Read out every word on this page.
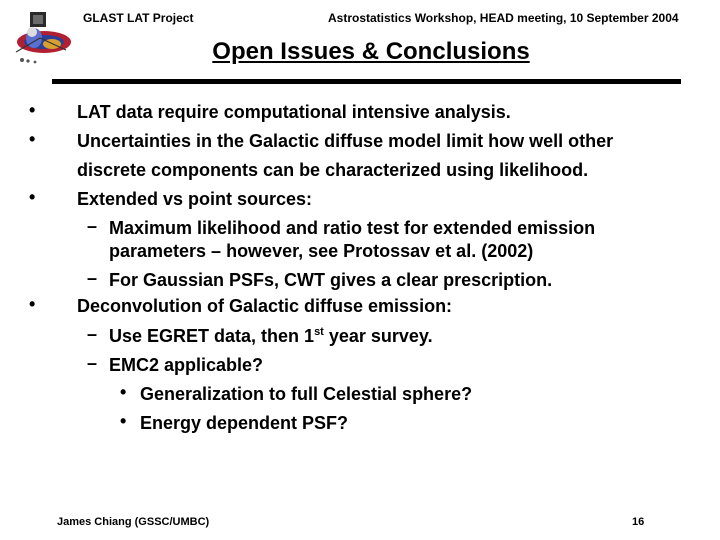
GLAST LAT Project	Astrostatistics Workshop, HEAD meeting, 10 September 2004
Open Issues & Conclusions
• LAT data require computational intensive analysis.
• Uncertainties in the Galactic diffuse model limit how well other
discrete components can be characterized using likelihood.
• Extended vs point sources:
– Maximum likelihood and ratio test for extended emission
parameters – however, see Protossav et al. (2002)
– For Gaussian PSFs, CWT gives a clear prescription.
• Deconvolution of Galactic diffuse emission:
– Use EGRET data, then 1st year survey.
– EMC2 applicable?
• Generalization to full Celestial sphere?
• Energy dependent PSF?
James Chiang (GSSC/UMBC)	16
